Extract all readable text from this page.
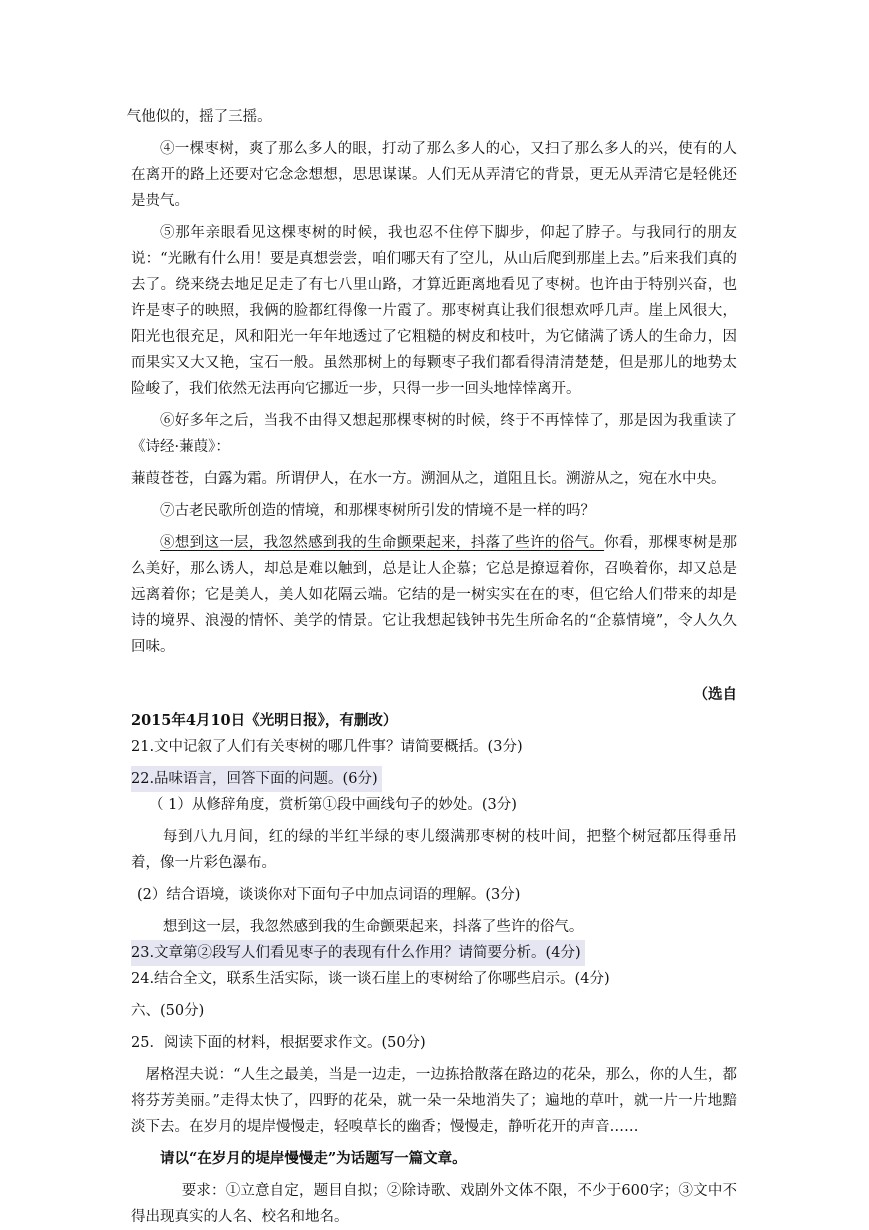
气他似的，摇了三摇。

④一棵枣树，爽了那么多人的眼，打动了那么多人的心，又扫了那么多人的兴，使有的人在离开的路上还要对它念念想想，思思谋谋。人们无从弄清它的背景，更无从弄清它是轻佻还是贵气。

⑤那年亲眼看见这棵枣树的时候，我也忍不住停下脚步，仰起了脖子。与我同行的朋友说：“光瞅有什么用！要是真想尝尝，咱们哪天有了空儿，从山后爬到那崖上去。”后来我们真的去了。绕来绕去地足足走了有七八里山路，才算近距离地看见了枣树。也许由于特别兴奋，也许是枣子的映照，我俩的脸都红得像一片霞了。那枣树真让我们很想欢呼几声。崖上风很大，阳光也很充足，风和阳光一年年地透过了它粗糙的树皮和枝叶，为它储满了诱人的生命力，因而果实又大又艳，宝石一般。虽然那树上的每颗枣子我们都看得清清楚楚，但是那儿的地势太险峻了，我们依然无法再向它挪近一步，只得一步一回头地悻悻离开。

⑥好多年之后，当我不由得又想起那棵枣树的时候，终于不再悻悻了，那是因为我重读了《诗经·蒹葭》：

蒹葭苍苍，白露为霜。所谓伊人，在水一方。溯洄从之，道阻且长。溯游从之，宛在水中央。

⑦古老民歌所创造的情境，和那棵枣树所引发的情境不是一样的吗？

⑧想到这一层，我忽然感到我的生命颤栗起来，抖落了些许的俗气。你看，那棵枣树是那么美好，那么诱人，却总是难以触到，总是让人企慕；它总是撩逗着你，召唤着你，却又总是远离着你；它是美人，美人如花隔云端。它结的是一树实实在在的枣，但它给人们带来的却是诗的境界、浪漫的情怀、美学的情景。它让我想起钱钟书先生所命名的“企慕情境”，令人久久回味。

（选自

2015年4月10日《光明日报》，有删改）

21.文中记叙了人们有关枣树的哪几件事？请简要概括。(3分)

22.品味语言，回答下面的问题。(6分)

（ 1）从修辞角度，赏析第①段中画线句子的妙处。(3分)

每到八九月间，红的绿的半红半绿的枣儿缀满那枣树的枝叶间，把整个树冠都压得垂吊着，像一片彩色瀑布。

(2）结合语境，谈谈你对下面句子中加点词语的理解。(3分)

想到这一层，我忽然感到我的生命颤栗起来，抖落了些许的俗气。

23.文章第②段写人们看见枣子的表现有什么作用？请简要分析。(4分)

24.结合全文，联系生活实际，谈一谈石崖上的枣树给了你哪些启示。(4分)

六、(50分)

25．阅读下面的材料，根据要求作文。(50分)

屠格涅夫说：“人生之最美，当是一边走，一边拣拾散落在路边的花朵，那么，你的人生，都将芬芳美丽。”走得太快了，四野的花朵，就一朵一朵地消失了；遍地的草叶，就一片一片地黯淡下去。在岁月的堤岸慢慢走，轻嗅草长的幽香；慢慢走，静听花开的声音……

请以“在岁月的堤岸慢慢走”为话题写一篇文章。

要求：①立意自定，题目自拟；②除诗歌、戏剧外文体不限，不少于600字；③文中不得出现真实的人名、校名和地名。
